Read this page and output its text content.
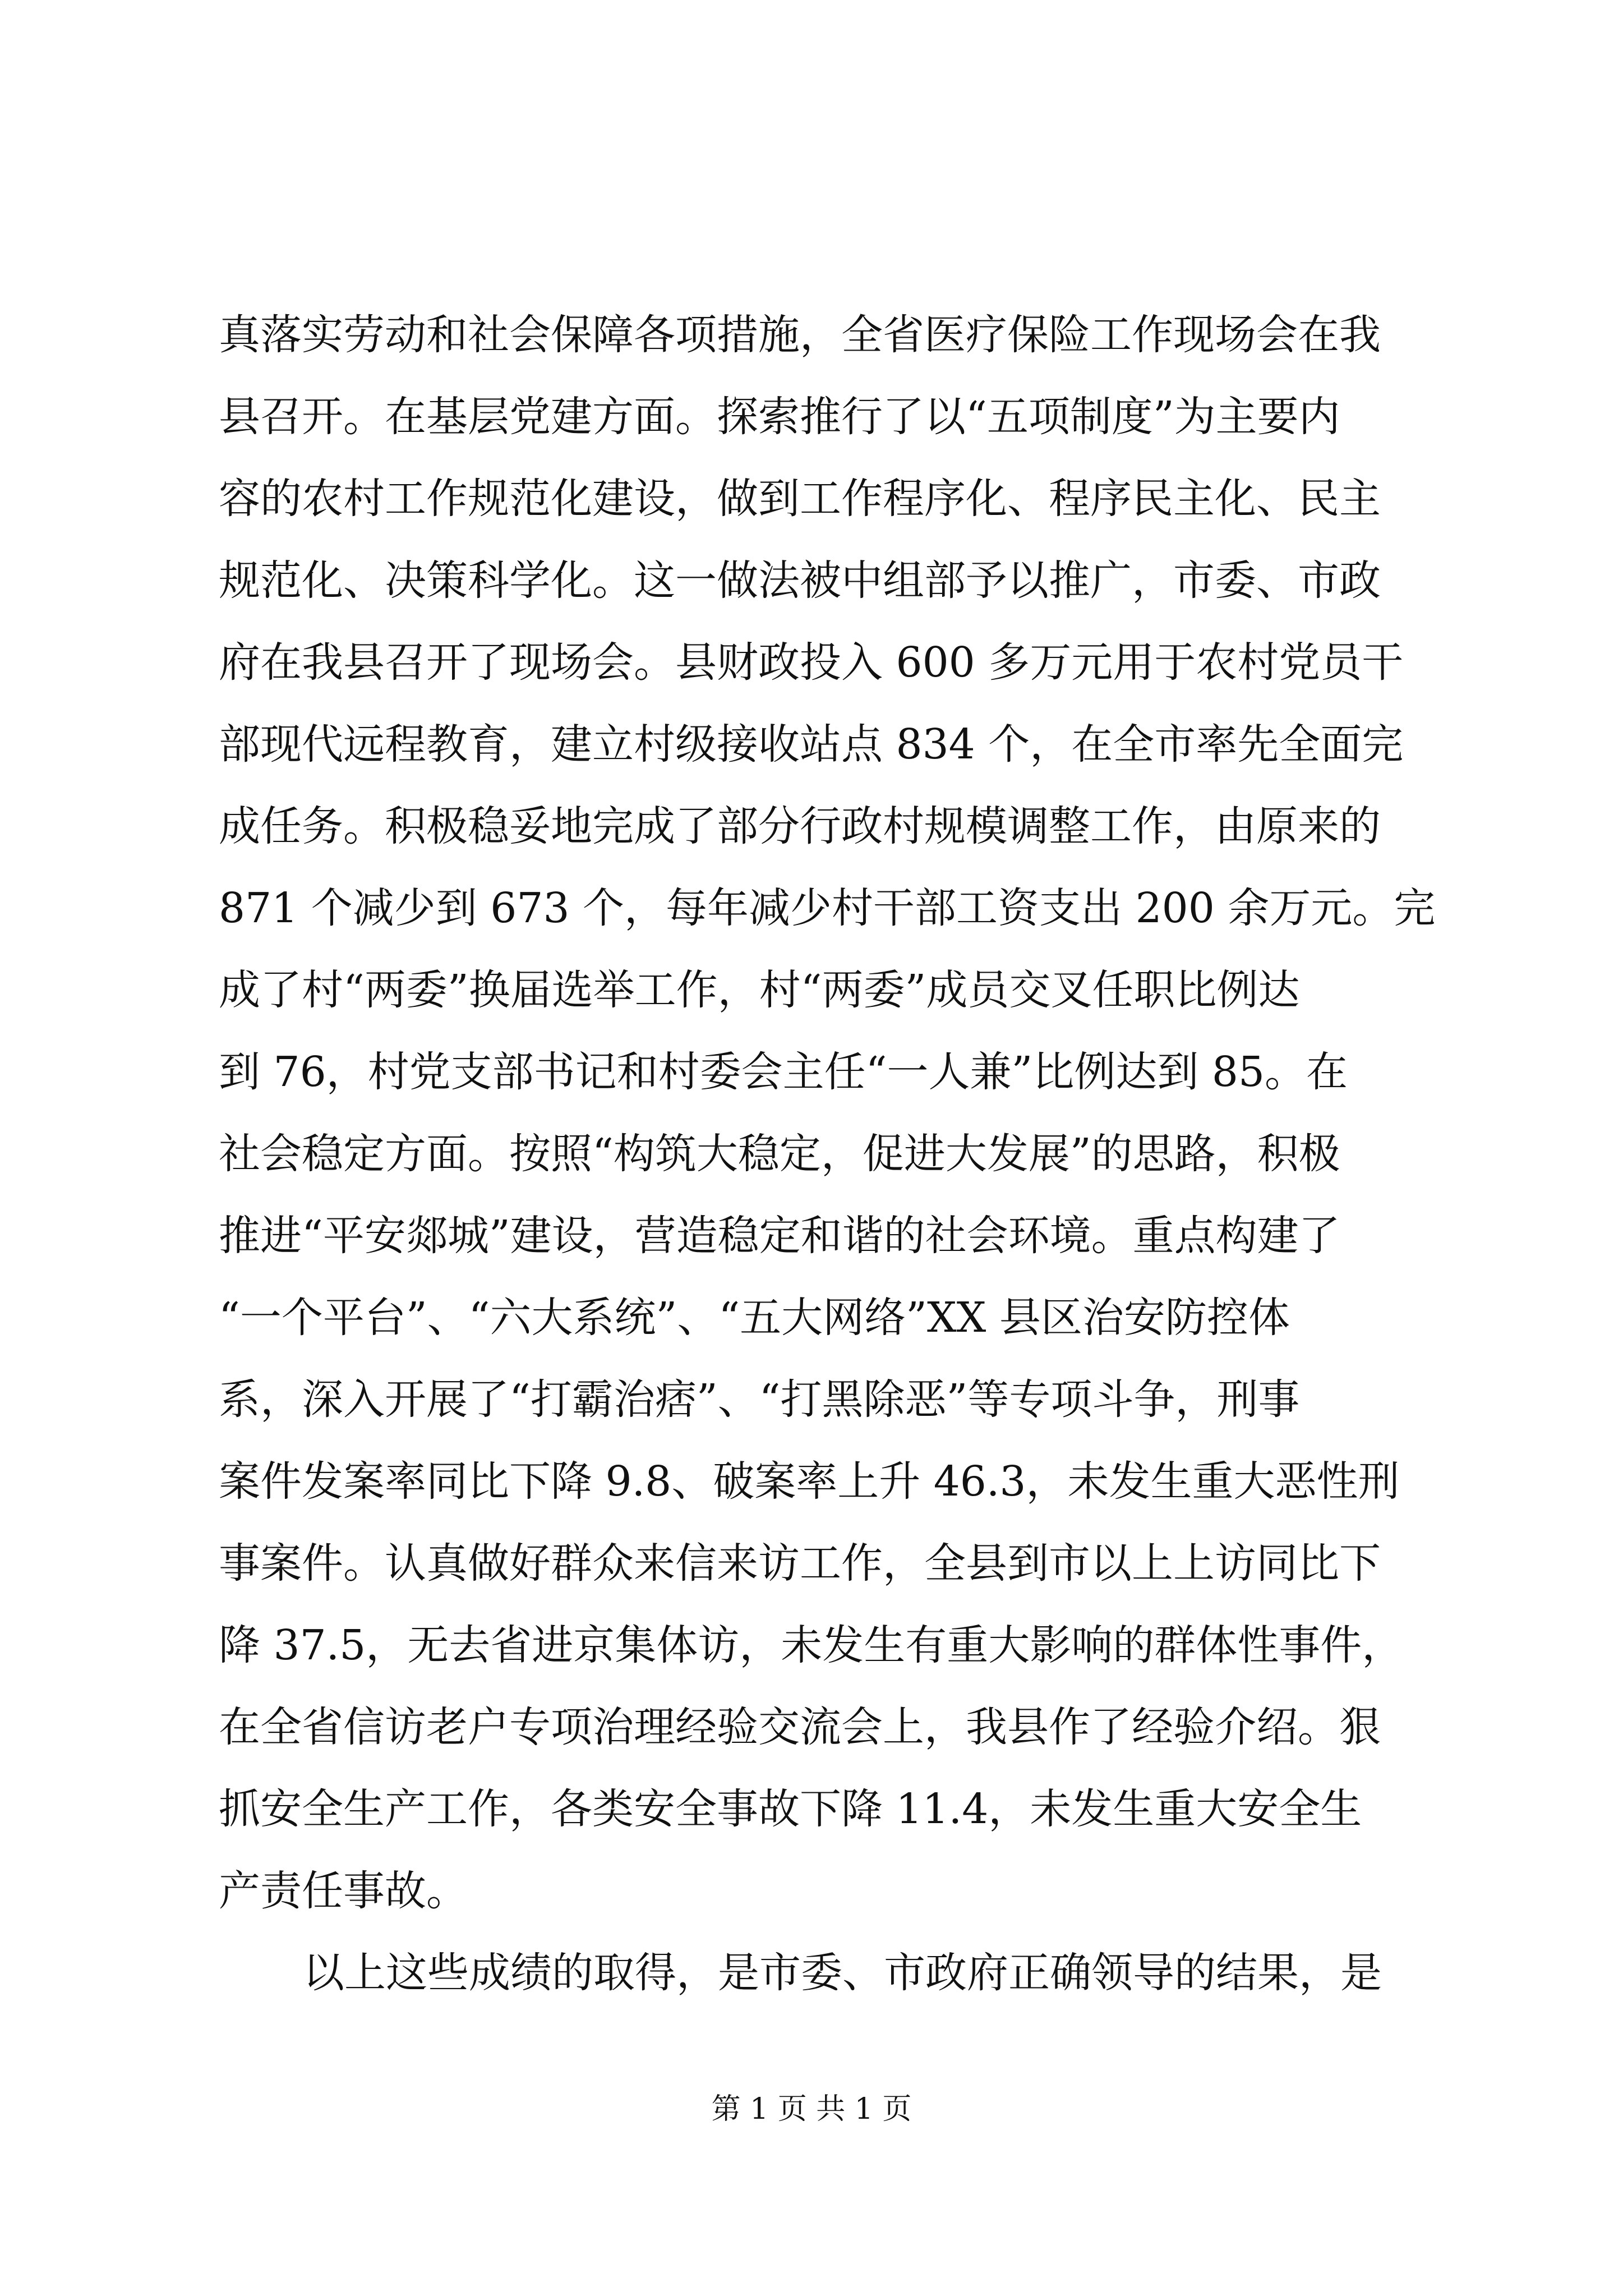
真落实劳动和社会保障各项措施，全省医疗保险工作现场会在我
县召开。在基层党建方面。探索推行了以“五项制度”为主要内
容的农村工作规范化建设，做到工作程序化、程序民主化、民主
规范化、决策科学化。这一做法被中组部予以推广，市委、市政
府在我县召开了现场会。县财政投入 600 多万元用于农村党员干
部现代远程教育，建立村级接收站点 834 个，在全市率先全面完
成任务。积极稳妥地完成了部分行政村规模调整工作，由原来的
871 个减少到 673 个，每年减少村干部工资支出 200 余万元。完
成了村“两委”换届选举工作，村“两委”成员交叉任职比例达
到 76，村党支部书记和村委会主任“一人兼”比例达到 85。在
社会稳定方面。按照“构筑大稳定，促进大发展”的思路，积极
推进“平安郯城”建设，营造稳定和谐的社会环境。重点构建了
“一个平台”、“六大系统”、“五大网络”XX 县区治安防控体
系，深入开展了“打霸治痞”、“打黑除恶”等专项斗争，刑事
案件发案率同比下降 9.8、破案率上升 46.3，未发生重大恶性刑
事案件。认真做好群众来信来访工作，全县到市以上上访同比下
降 37.5，无去省进京集体访，未发生有重大影响的群体性事件，
在全省信访老户专项治理经验交流会上，我县作了经验介绍。狠
抓安全生产工作，各类安全事故下降 11.4，未发生重大安全生
产责任事故。
以上这些成绩的取得，是市委、市政府正确领导的结果，是
第 1 页 共 1 页
